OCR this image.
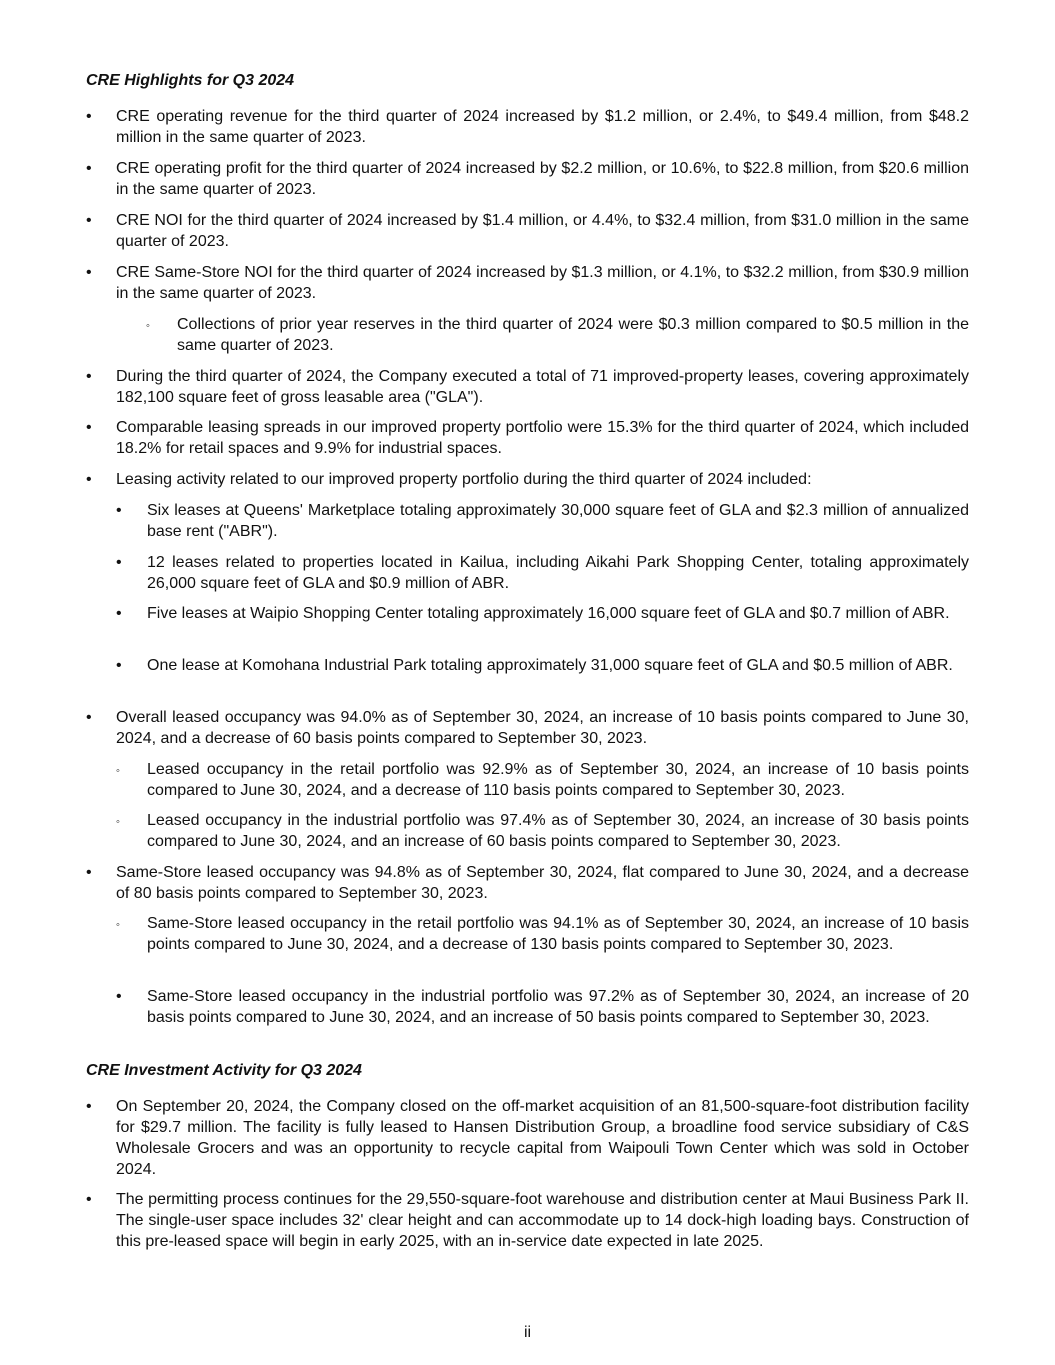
CRE Highlights for Q3 2024
• CRE operating revenue for the third quarter of 2024 increased by $1.2 million, or 2.4%, to $49.4 million, from $48.2 million in the same quarter of 2023.
• CRE operating profit for the third quarter of 2024 increased by $2.2 million, or 10.6%, to $22.8 million, from $20.6 million in the same quarter of 2023.
• CRE NOI for the third quarter of 2024 increased by $1.4 million, or 4.4%, to $32.4 million, from $31.0 million in the same quarter of 2023.
• CRE Same-Store NOI for the third quarter of 2024 increased by $1.3 million, or 4.1%, to $32.2 million, from $30.9 million in the same quarter of 2023.
◦ Collections of prior year reserves in the third quarter of 2024 were $0.3 million compared to $0.5 million in the same quarter of 2023.
• During the third quarter of 2024, the Company executed a total of 71 improved-property leases, covering approximately 182,100 square feet of gross leasable area ("GLA").
• Comparable leasing spreads in our improved property portfolio were 15.3% for the third quarter of 2024, which included 18.2% for retail spaces and 9.9% for industrial spaces.
• Leasing activity related to our improved property portfolio during the third quarter of 2024 included:
• Six leases at Queens' Marketplace totaling approximately 30,000 square feet of GLA and $2.3 million of annualized base rent ("ABR").
• 12 leases related to properties located in Kailua, including Aikahi Park Shopping Center, totaling approximately 26,000 square feet of GLA and $0.9 million of ABR.
• Five leases at Waipio Shopping Center totaling approximately 16,000 square feet of GLA and $0.7 million of ABR.
• One lease at Komohana Industrial Park totaling approximately 31,000 square feet of GLA and $0.5 million of ABR.
• Overall leased occupancy was 94.0% as of September 30, 2024, an increase of 10 basis points compared to June 30, 2024, and a decrease of 60 basis points compared to September 30, 2023.
◦ Leased occupancy in the retail portfolio was 92.9% as of September 30, 2024, an increase of 10 basis points compared to June 30, 2024, and a decrease of 110 basis points compared to September 30, 2023.
◦ Leased occupancy in the industrial portfolio was 97.4% as of September 30, 2024, an increase of 30 basis points compared to June 30, 2024, and an increase of 60 basis points compared to September 30, 2023.
• Same-Store leased occupancy was 94.8% as of September 30, 2024, flat compared to June 30, 2024, and a decrease of 80 basis points compared to September 30, 2023.
◦ Same-Store leased occupancy in the retail portfolio was 94.1% as of September 30, 2024, an increase of 10 basis points compared to June 30, 2024, and a decrease of 130 basis points compared to September 30, 2023.
• Same-Store leased occupancy in the industrial portfolio was 97.2% as of September 30, 2024, an increase of 20 basis points compared to June 30, 2024, and an increase of 50 basis points compared to September 30, 2023.
CRE Investment Activity for Q3 2024
• On September 20, 2024, the Company closed on the off-market acquisition of an 81,500-square-foot distribution facility for $29.7 million. The facility is fully leased to Hansen Distribution Group, a broadline food service subsidiary of C&S Wholesale Grocers and was an opportunity to recycle capital from Waipouli Town Center which was sold in October 2024.
• The permitting process continues for the 29,550-square-foot warehouse and distribution center at Maui Business Park II. The single-user space includes 32' clear height and can accommodate up to 14 dock-high loading bays. Construction of this pre-leased space will begin in early 2025, with an in-service date expected in late 2025.
ii
